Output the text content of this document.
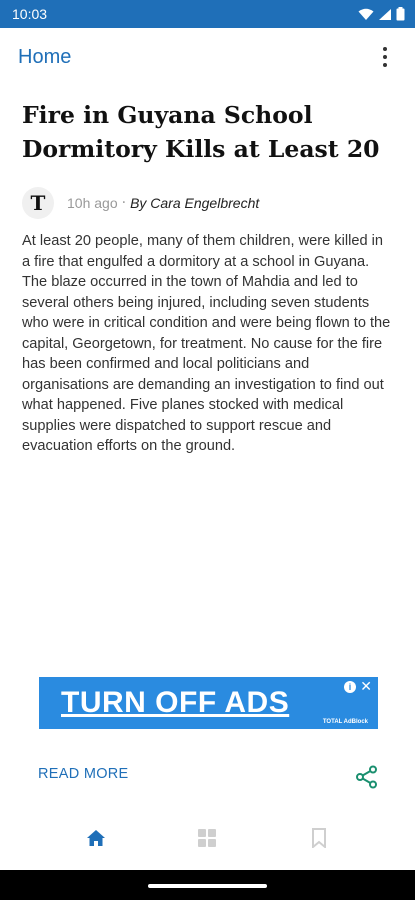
10:03
Home
Fire in Guyana School Dormitory Kills at Least 20
T	10h ago · By Cara Engelbrecht

At least 20 people, many of them children, were killed in a fire that engulfed a dormitory at a school in Guyana. The blaze occurred in the town of Mahdia and led to several others being injured, including seven students who were in critical condition and were being flown to the capital, Georgetown, for treatment. No cause for the fire has been confirmed and local politicians and organisations are demanding an investigation to find out what happened. Five planes stocked with medical supplies were dispatched to support rescue and evacuation efforts on the ground.

TURN OFF ADS	i ✕
TOTAL AdBlock
READ MORE
